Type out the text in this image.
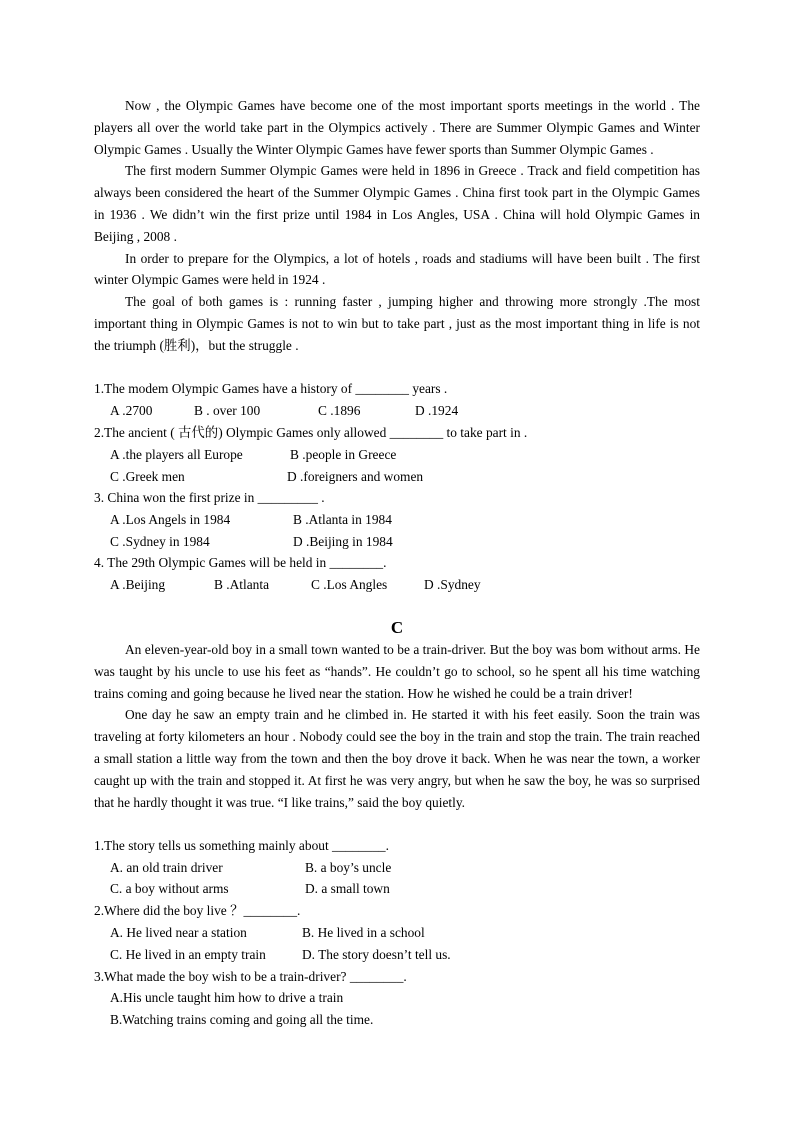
Now , the Olympic Games have become one of the most important sports meetings in the world . The players all over the world take part in the Olympics actively . There are Summer Olympic Games and Winter Olympic Games . Usually the Winter Olympic Games have fewer sports than Summer Olympic Games .

The first modern Summer Olympic Games were held in 1896 in Greece . Track and field competition has always been considered the heart of the Summer Olympic Games . China first took part in the Olympic Games in 1936 . We didn’t win the first prize until 1984 in Los Angles, USA . China will hold Olympic Games in Beijing , 2008 .

In order to prepare for the Olympics, a lot of hotels , roads and stadiums will have been built . The first winter Olympic Games were held in 1924 .

The goal of both games is : running faster , jumping higher and throwing more strongly .The most important thing in Olympic Games is not to win but to take part , just as the most important thing in life is not the triumph (胜利)，but the struggle .

1.The modem Olympic Games have a history of ________ years .
A .2700	B . over 100	C .1896	D .1924
2.The ancient ( 古代的) Olympic Games only allowed ________ to take part in .
A .the players all Europe	B .people in Greece
C .Greek men	D .foreigners and women
3. China won the first prize in _________ .
A .Los Angels in 1984	B .Atlanta in 1984
C .Sydney in 1984	D .Beijing in 1984
4. The 29th Olympic Games will be held in ________.
A .Beijing	B .Atlanta	C .Los Angles	D .Sydney
C

An eleven-year-old boy in a small town wanted to be a train-driver. But the boy was bom without arms. He was taught by his uncle to use his feet as “hands”. He couldn’t go to school, so he spent all his time watching trains coming and going because he lived near the station. How he wished he could be a train driver!

One day he saw an empty train and he climbed in. He started it with his feet easily. Soon the train was traveling at forty kilometers an hour . Nobody could see the boy in the train and stop the train. The train reached a small station a little way from the town and then the boy drove it back. When he was near the town, a worker caught up with the train and stopped it. At first he was very angry, but when he saw the boy, he was so surprised that he hardly thought it was true. “I like trains,” said the boy quietly.

1.The story tells us something mainly about ________.
A. an old train driver	B. a boy’s uncle
C. a boy without arms	D. a small town
2.Where did the boy live ？________.
A. He lived near a station	B. He lived in a school
C. He lived in an empty train	D. The story doesn’t tell us.
3.What made the boy wish to be a train-driver? ________.
A.His uncle taught him how to drive a train
B.Watching trains coming and going all the time.
